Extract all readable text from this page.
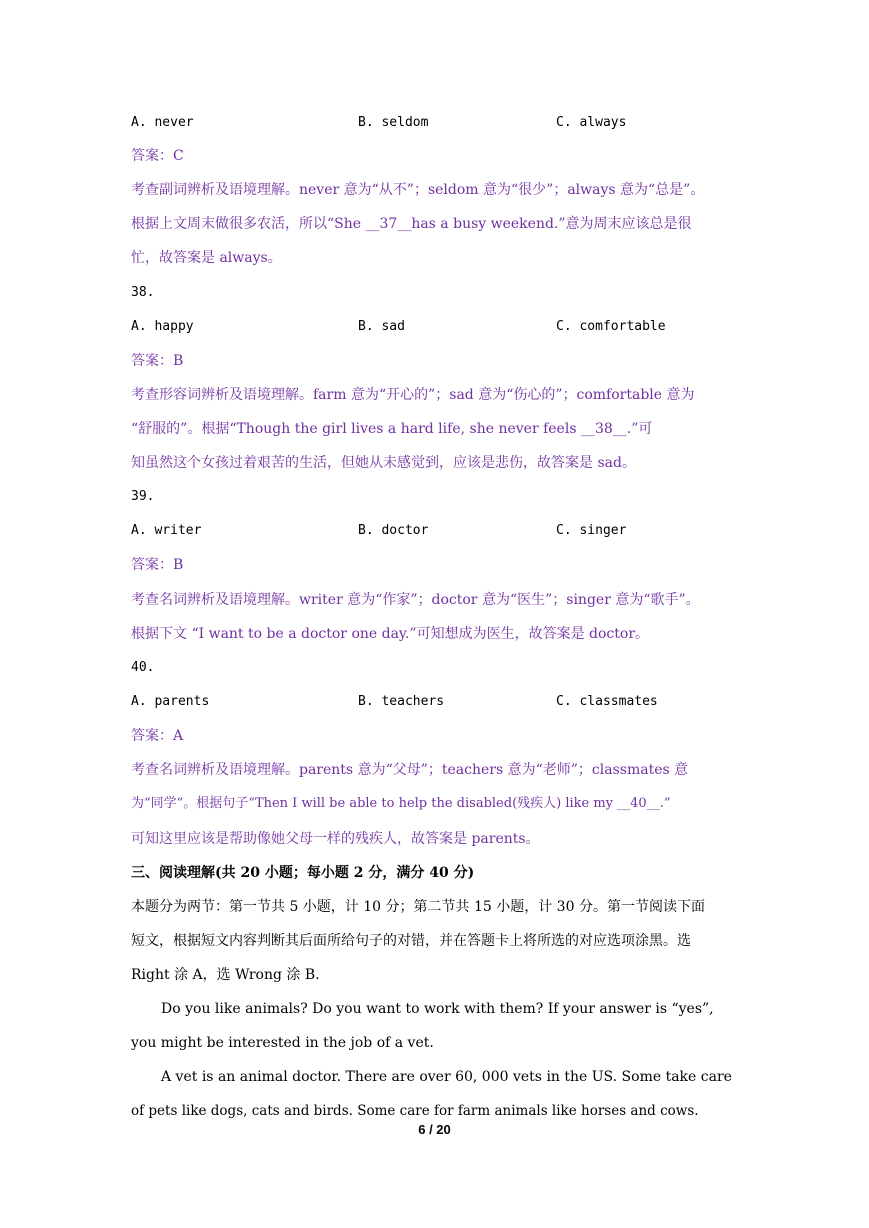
A. never	B. seldom	C. always
答案：C
考查副词辨析及语境理解。never 意为“从不”；seldom 意为“很少”；always 意为“总是”。
根据上文周末做很多农活，所以“She __37__has a busy weekend.”意为周末应该总是很
忙，故答案是 always。
38.
A. happy	B. sad	C. comfortable
答案：B
考查形容词辨析及语境理解。farm 意为“开心的”；sad 意为“伤心的”；comfortable 意为
“舒服的”。根据“Though the girl lives a hard life, she never feels __38__.”可
知虽然这个女孩过着艰苦的生活，但她从未感觉到，应该是悲伤，故答案是 sad。
39.
A. writer	B. doctor	C. singer
答案：B
考查名词辨析及语境理解。writer 意为“作家”；doctor 意为“医生”；singer 意为“歌手”。
根据下文 “I want to be a doctor one day.”可知想成为医生，故答案是 doctor。
40.
A. parents	B. teachers	C. classmates
答案：A
考查名词辨析及语境理解。parents 意为“父母”；teachers 意为“老师”；classmates 意
为“同学”。根据句子“Then I will be able to help the disabled(残疾人) like my __40__.”
可知这里应该是帮助像她父母一样的残疾人，故答案是 parents。
三、阅读理解(共 20 小题；每小题 2 分，满分 40 分)
本题分为两节：第一节共 5 小题，计 10 分；第二节共 15 小题，计 30 分。第一节阅读下面
短文，根据短文内容判断其后面所给句子的对错，并在答题卡上将所选的对应选项涂黑。选
Right 涂 A，选 Wrong 涂 B.
Do you like animals? Do you want to work with them? If your answer is “yes”,
you might be interested in the job of a vet.
A vet is an animal doctor. There are over 60, 000 vets in the US. Some take care
of pets like dogs, cats and birds. Some care for farm animals like horses and cows.
6 / 20
